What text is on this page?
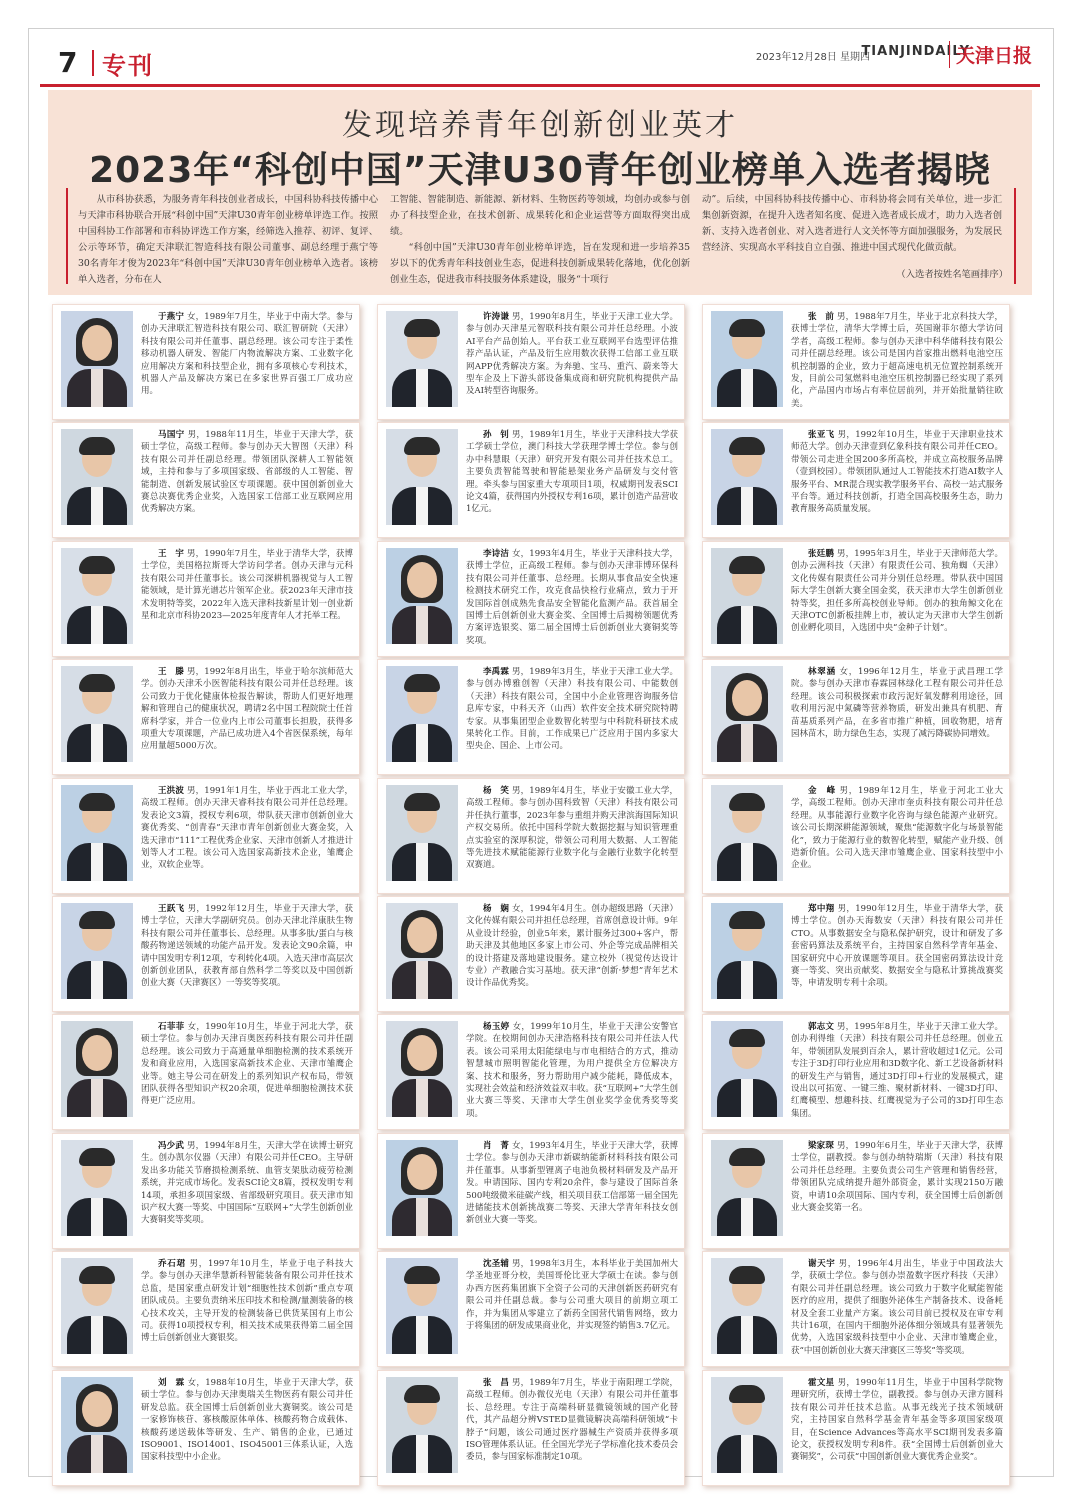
7 专刊	2023年12月28日 星期四
TIANJINDAILY
天津日报
发现培养青年创新创业英才
2023年“科创中国”天津U30青年创业榜单入选者揭晓

从市科协获悉，为服务青年科技创业者成长，中国科协科技传播中心与天津市科协联合开展“科创中国”天津U30青年创业榜单评选工作。按照中国科协工作部署和市科协评选工作方案，经筛选入推荐、初评、复评、公示等环节，确定天津联汇智造科技有限公司董事、副总经理于燕宁等30名青年才俊为2023年“科创中国”天津U30青年创业榜单入选者。该榜单入选者，分布在人

工智能、智能制造、新能源、新材料、生物医药等领域，均创办或参与创办了科技型企业，在技术创新、成果转化和企业运营等方面取得突出成绩。

“科创中国”天津U30青年创业榜单评选，旨在发现和进一步培养35岁以下的优秀青年科技创业生态，促进科技创新成果转化落地，优化创新创业生态，促进我市科技服务体系建设，服务“十项行

动”。后续，中国科协科技传播中心、市科协将会同有关单位，进一步汇集创新资源，在提升入选者知名度、促进入选者成长成才，助力入选者创新、支持入选者创业、对入选者进行人文关怀等方面加强服务，为发展民营经济、实现高水平科技自立自强、推进中国式现代化做贡献。

（入选者按姓名笔画排序）
于燕宁 女，1989年7月生，毕业于中南大学。参与创办天津联汇智造科技有限公司、联汇智研院（天津）科技有限公司并任董事、副总经理。该公司专注于柔性移动机器人研发、智能厂内物流解决方案、工业数字化应用解决方案和科技型企业，拥有多项核心专利技术，机器人产品及解决方案已在多家世界百强工厂成功应用。
许涛谦 男，1990年8月生，毕业于天津工业大学。参与创办天津星元智联科技有限公司并任总经理。小波AI平台产品创始人。平台获工业互联网平台选型评估推荐产品认证，产品及衍生应用数次获得工信部工业互联网APP优秀解决方案。为奔驰、宝马、重汽、蔚来等大型车企及上下游头部设备集成商和研究院机构提供产品及AI转型咨询服务。
张　前 男，1988年7月生，毕业于北京科技大学，获博士学位，清华大学博士后，英国谢菲尔德大学访问学者，高级工程师。参与创办天津中科华储科技有限公司并任副总经理。该公司是国内首家推出燃料电池空压机控制器的企业，致力于超高速电机无位置控制系统开发，目前公司氢燃料电池空压机控制器已经实现了系列化，产品国内市场占有率位居前列，并开始批量销往欧美。
马国宁 男，1988年11月生，毕业于天津大学，获硕士学位，高级工程师。参与创办天大智图（天津）科技有限公司并任副总经理。带领团队深耕人工智能领域，主持和参与了多项国家级、省部级的人工智能、智能制造、创新发展试验区专项课题。获中国创新创业大赛总决赛优秀企业奖，入选国家工信部工业互联网应用优秀解决方案。
孙　钊 男，1989年1月生，毕业于天津科技大学获工学硕士学位，澳门科技大学获理学博士学位。参与创办中科慧眼（天津）研究开发有限公司并任技术总工。主要负责智能驾驶和智能悬架业务产品研发与交付管理。牵头参与国家重大专项项目1项，权威期刊发表SCI论文4篇，获得国内外授权专利16项，累计创造产品营收1亿元。
张亚飞 男，1992年10月生，毕业于天津职业技术师范大学。创办天津壹到亿象科技有限公司并任CEO。带领公司走进全国200多所高校，并成立高校服务品牌（壹到校园）。带领团队通过人工智能技术打造AI数字人服务平台、MR混合现实教学服务平台、高校一站式服务平台等。通过科技创新，打造全国高校服务生态，助力教育服务高质量发展。
王　宇 男，1990年7月生，毕业于清华大学，获博士学位，美国格拉斯哥大学访问学者。创办天津与元科技有限公司并任董事长。该公司深耕机器视觉与人工智能领域，是计算光谱芯片领军企业。获2023年天津市技术发明特等奖，2022年入选天津科技新星计划一创业新星和北京市科协2023—2025年度青年人才托举工程。
李诗洁 女，1993年4月生，毕业于天津科技大学，获博士学位，正高级工程师。参与创办天津菲博环保科技有限公司并任董事、总经理。长期从事食品安全快速检测技术研究工作，攻克食品快检行业痛点，致力于开发国际首创成熟先食品安全智能化监测产品。获首届全国博士后创新创业大赛金奖、全国博士后揭榜领题优秀方案评选银奖、第二届全国博士后创新创业大赛铜奖等奖项。
张廷鹏 男，1995年3月生，毕业于天津师范大学。创办云洲科技（天津）有限责任公司、独角蜘（天津）文化传媒有限责任公司并分别任总经理。带队获中国国际大学生创新大赛全国金奖，获天津市大学生创新创业特等奖，担任多所高校创业导师。创办的独角鲸文化在天津OTC创新板挂牌上市，被认定为天津市大学生创新创业孵化项目，入选团中央“金种子计划”。
王　滕 男，1992年8月出生，毕业于哈尔滨师范大学。创办天津禾小医智能科技有限公司并任总经理。该公司致力于优化健康体检报告解读，帮助人们更好地理解和管理自己的健康状况，聘请2名中国工程院院士任首席科学家，并合一位业内上市公司董事长担股，获得多项重大专项课题，产品已成功进入4个省医保系统，每年应用量超5000万次。
李禹霖 男，1989年3月生，毕业于天津工业大学。参与创办博雅创智（天津）科技有限公司、中能数创（天津）科技有限公司，全国中小企业管理咨询服务信息库专家，中科天齐（山西）软件安全技术研究院特聘专家。从事集团型企业数智化转型与中科院科研技术成果转化工作。目前，工作成果已广泛应用于国内多家大型央企、国企、上市公司。
林翠涵 女，1996年12月生，毕业于武昌理工学院。参与创办天津市春霖园林绿化工程有限公司并任总经理。该公司积极探索市政污泥好氧发酵利用途径，回收利用污泥中氮磷等营养物质，研发出兼具有机肥、育苗基质系列产品，在多省市推广种植，回收物肥，培育园林苗木，助力绿色生态，实现了减污降碳协同增效。
王洪波 男，1991年1月生，毕业于西北工业大学，高级工程师。创办天津天睿科技有限公司并任总经理。发表论文3篇，授权专利6项，带队获天津市创新创业大赛优秀奖、“创青春”天津市青年创新创业大赛金奖，入选天津市“111”工程优秀企业家、天津市创新人才推进计划等人才工程。该公司入选国家高新技术企业，雏鹰企业，双软企业等。
杨　笑 男，1989年4月生，毕业于安徽工业大学，高级工程师。参与创办国科致智（天津）科技有限公司并任执行董事，2023年参与重组并购天津滨海国际知识产权交易所。依托中国科学院大数据挖掘与知识管理重点实验室的深厚积淀，带领公司利用大数据、人工智能等先进技术赋能能源行业数字化与金融行业数字化转型双赛道。
金　峰 男，1989年12月生，毕业于河北工业大学，高级工程师。创办天津市奎贞科技有限公司并任总经理。从事能源行业数字化咨询与绿色能源产业研究。该公司长期深耕能源领域，聚焦“能源数字化与场景智能化”，致力于能源行业的数智化转型，赋能产业升级、创造新价值。公司入选天津市雏鹰企业、国家科技型中小企业。
王跃飞 男，1992年12月生，毕业于天津大学，获博士学位，天津大学副研究员。创办天津北洋康肤生物科技有限公司并任董事长、总经理。从事多肽/蛋白与核酸药物递送领域的功能产品开发。发表论文90余篇，申请中国发明专利12项，专利转化4项。入选天津市高层次创新创业团队，获教育部自然科学二等奖以及中国创新创业大赛（天津赛区）一等奖等奖项。
杨　娴 女，1994年4月生。创办超级思路（天津）文化传媒有限公司并担任总经理，首席创意设计师。9年从业设计经验，创业5年来，累计服务过300+客户，帮助天津及其他地区多家上市公司、外企等完成品牌相关的设计搭建及落地建设服务。建立校外（视觉传达设计专业）产教融合实习基地。获天津“创新·梦想”青年艺术设计作品优秀奖。
郑中翔 男，1990年12月生，毕业于清华大学，获博士学位。创办天海数安（天津）科技有限公司并任CTO。从事数据安全与隐私保护研究，设计和研发了多套密码算法及系统平台，主持国家自然科学青年基金、国家研究中心开放课题等项目。获全国密码算法设计竞赛一等奖、突出贡献奖、数据安全与隐私计算挑战赛奖等，申请发明专利十余项。
石菲菲 女，1990年10月生，毕业于河北大学，获硕士学位。参与创办天津百奥医药科技有限公司并任副总经理。该公司致力于高通量单细胞检测的技术系统开发和商业应用，入选国家高新技术企业、天津市雏鹰企业等。她主导公司在研发上的系列知识产权布局，带领团队获得各型知识产权20余项，促进单细胞检测技术获得更广泛应用。
杨玉婷 女，1999年10月生，毕业于天津公安警官学院。在校期间创办天津浩格科技有限公司并任法人代表。该公司采用太阳能绿电与市电相结合的方式，推动智慧城市照明智能化管理，为用户提供全方位解决方案、技术和服务，努力帮助用户减少能耗，降低成本，实现社会效益和经济效益双丰收。获“互联网+”大学生创业大赛三等奖、天津市大学生创业奖学金优秀奖等奖项。
郭志文 男，1995年8月生，毕业于天津工业大学。创办利得维（天津）科技有限公司并任总经理。创业五年，带领团队发展到百余人，累计营收超过1亿元。公司专注于3D打印行业应用和3D数字化、新工艺设备新材料的研发生产与销售，通过3D打印+行业的发展模式，建设出以可拓宽、一键三维、聚材新材料、一键3D打印、红鹰模型、想趣科技、红鹰视觉为子公司的3D打印生态集团。
冯少武 男，1994年8月生，天津大学在读博士研究生。创办凯尔仪器（天津）有限公司并任CEO。主导研发出多功能关节磨损检测系统、血管支架肽动疲劳检测系统，并完成市场化。发表SCI论文8篇，授权发明专利14项，承担多项国家级、省部级研究项目。获天津市知识产权大赛一等奖、中国国际“互联网+”大学生创新创业大赛铜奖等奖项。
肖　菁 女，1993年4月生，毕业于天津大学，获博士学位。参与创办天津市新碳纳能新材料科技有限公司并任董事。从事新型锂离子电池负极材料研发及产品开发。申请国际、国内专利20余件，参与建设了国际首条500吨级微米硅碳产线，相关项目获工信部第一届全国先进储能技术创新挑战赛二等奖、天津大学青年科技女创新创业大赛一等奖。
梁家琛 男，1990年6月生，毕业于天津大学，获博士学位，副教授。参与创办纳特瑞斯（天津）科技有限公司并任总经理。主要负责公司生产管理和销售经营，带领团队完成纳提升超外部资金，累计实现2150万融资，申请10余项国际、国内专利，获全国博士后创新创业大赛金奖第一名。
乔石珺 男，1997年10月生，毕业于电子科技大学。参与创办天津华慧新科智能装备有限公司并任技术总监，是国家重点研发计划“细胞性技术创新”重点专项团队成员。主要负责纳米压印技术和检测/量测装备的核心技术攻关，主导开发的检测装备已供货某国有上市公司。获得10项授权专利，相关技术成果获得第二届全国博士后创新创业大赛银奖。
沈圣辅 男，1998年3月生，本科毕业于美国加州大学圣地亚哥分校，美国哥伦比亚大学硕士在读。参与创办西方医药集团旗下全资子公司的天津创新医药研究有限公司并任副总裁。参与公司重大项目的前期立项工作，并为集团从零建立了新药全国营代销售网络，致力于将集团的研发成果商业化，并实现签约销售3.7亿元。
谢天宇 男，1996年4月出生，毕业于中国政法大学，获硕士学位。参与创办崇盈数字医疗科技（天津）有限公司并任副总经理。该公司致力于数字化赋能智能医疗的应用，提供了细胞外泌体生产制备技术、设备耗材及全套工业量产方案。该公司目前已授权及在审专利共计16项，在国内干细胞外泌体细分领域具有显著领先优势，入选国家级科技型中小企业、天津市雏鹰企业，获“中国创新创业大赛天津赛区三等奖”等奖项。
刘　霖 女，1988年10月生，毕业于天津大学，获硕士学位。参与创办天津奥瑞关生物医药有限公司并任研发总监。获全国博士后创新创业大赛铜奖。该公司是一家修饰核苷、寡核酸原体单体、核酸药物合成载体、核酸药递送载体等研发、生产、销售的企业，已通过ISO9001、ISO14001、ISO45001三体系认证，入选国家科技型中小企业。
张　昌 男，1989年7月生，毕业于南阳理工学院，高级工程师。创办微仪光电（天津）有限公司并任董事长、总经理。专注于高端科研显微镜领域的国产化替代，其产品超分辨VSTED显微镜解决高端科研领域“卡脖子”问题，该公司通过医疗器械生产资质并获得多项ISO管理体系认证。任全国光学光子学标准化技术委员会委员，参与国家标准制定10项。
霍文星 男，1990年11月生，毕业于中国科学院物理研究所，获博士学位，副教授。参与创办天津方圆科技有限公司并任技术总监。从事无线光子技术领域研究，主持国家自然科学基金青年基金等多项国家级项目，在Science Advances等高水平SCI期刊发表多篇论文，获授权发明专利8件。获“全国博士后创新创业大赛铜奖”，公司获“中国创新创业大赛优秀企业奖”。
